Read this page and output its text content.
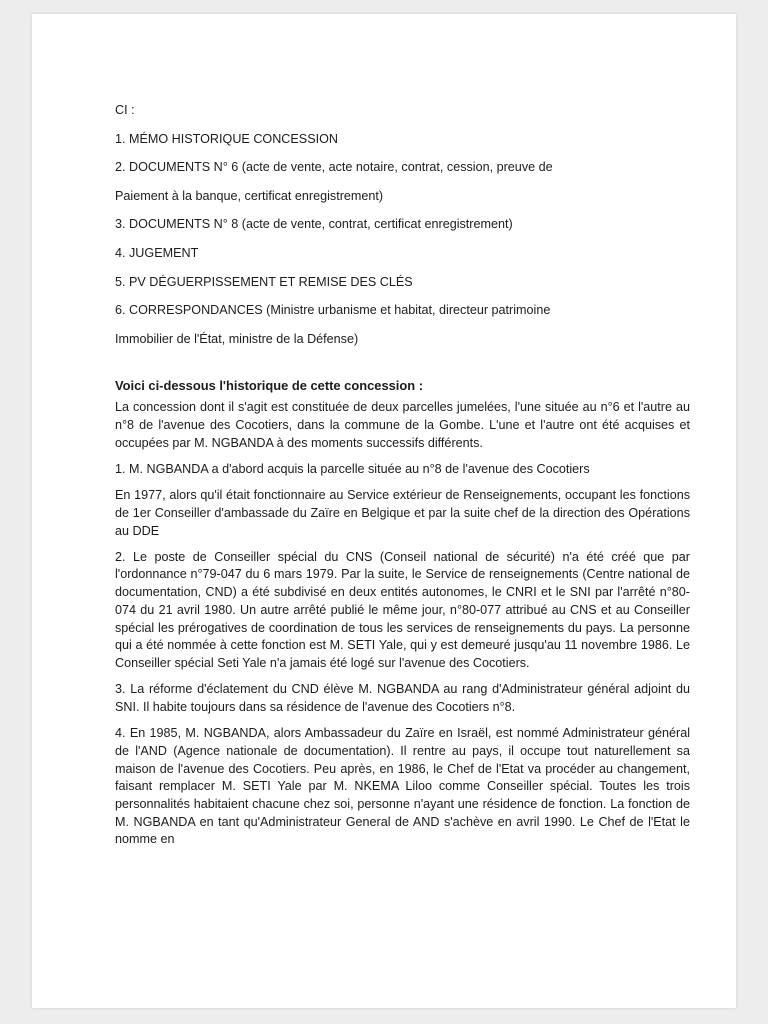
CI :

1. MÉMO HISTORIQUE CONCESSION

2. DOCUMENTS N° 6 (acte de vente, acte notaire, contrat, cession, preuve de

Paiement à la banque, certificat enregistrement)

3. DOCUMENTS N° 8 (acte de vente, contrat, certificat enregistrement)

4. JUGEMENT

5. PV DÉGUERPISSEMENT ET REMISE DES CLÉS

6. CORRESPONDANCES (Ministre urbanisme et habitat, directeur patrimoine

Immobilier de l'État, ministre de la Défense)

Voici ci-dessous l'historique de cette concession :

La concession dont il s'agit est constituée de deux parcelles jumelées, l'une située au n°6 et l'autre au n°8 de l'avenue des Cocotiers, dans la commune de la Gombe. L'une et l'autre ont été acquises et occupées par M. NGBANDA à des moments successifs différents.

1. M. NGBANDA a d'abord acquis la parcelle située au n°8 de l'avenue des Cocotiers

En 1977, alors qu'il était fonctionnaire au Service extérieur de Renseignements, occupant les fonctions de 1er Conseiller d'ambassade du Zaïre en Belgique et par la suite chef de la direction des Opérations au DDE

2. Le poste de Conseiller spécial du CNS (Conseil national de sécurité) n'a été créé que par l'ordonnance n°79-047 du 6 mars 1979. Par la suite, le Service de renseignements (Centre national de documentation, CND) a été subdivisé en deux entités autonomes, le CNRI et le SNI par l'arrêté n°80-074 du 21 avril 1980. Un autre arrêté publié le même jour, n°80-077 attribué au CNS et au Conseiller spécial les prérogatives de coordination de tous les services de renseignements du pays. La personne qui a été nommée à cette fonction est M. SETI Yale, qui y est demeuré jusqu'au 11 novembre 1986. Le Conseiller spécial Seti Yale n'a jamais été logé sur l'avenue des Cocotiers.

3. La réforme d'éclatement du CND élève M. NGBANDA au rang d'Administrateur général adjoint du SNI. Il habite toujours dans sa résidence de l'avenue des Cocotiers n°8.

4. En 1985, M. NGBANDA, alors Ambassadeur du Zaïre en Israël, est nommé Administrateur général de l'AND (Agence nationale de documentation). Il rentre au pays, il occupe tout naturellement sa maison de l'avenue des Cocotiers. Peu après, en 1986, le Chef de l'Etat va procéder au changement, faisant remplacer M. SETI Yale par M. NKEMA Liloo comme Conseiller spécial. Toutes les trois personnalités habitaient chacune chez soi, personne n'ayant une résidence de fonction. La fonction de M. NGBANDA en tant qu'Administrateur General de AND s'achève en avril 1990. Le Chef de l'Etat le nomme en
